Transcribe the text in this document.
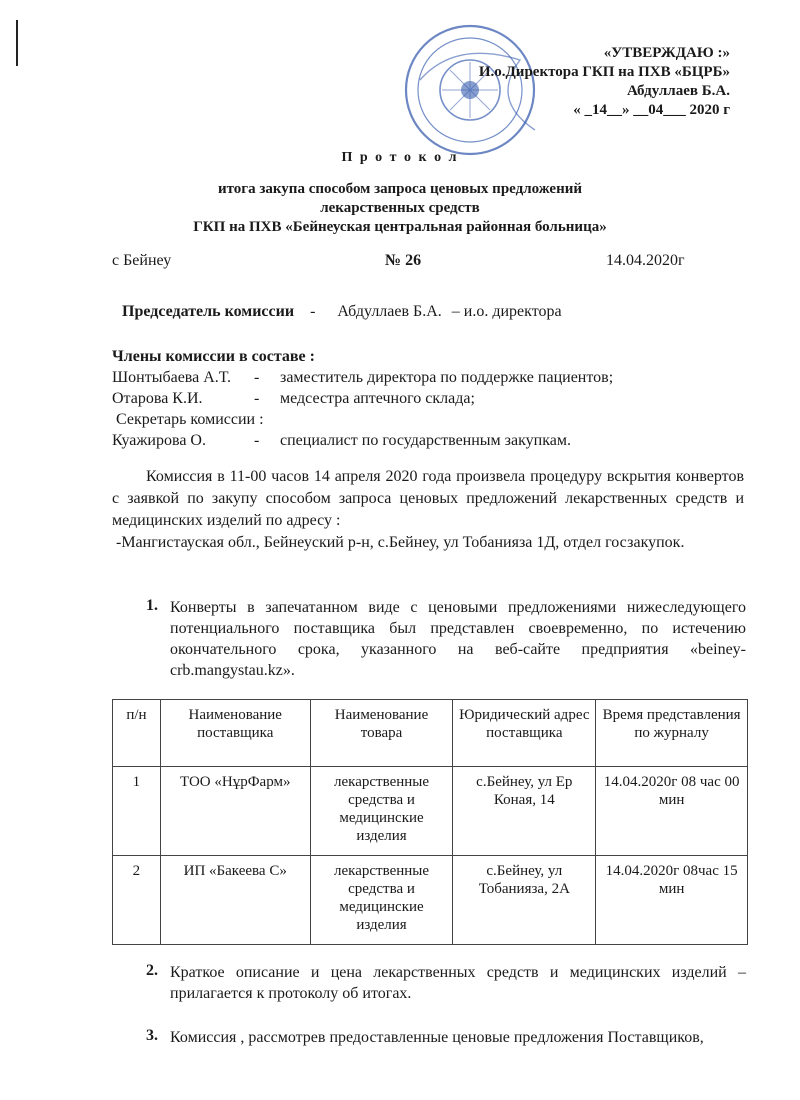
«УТВЕРЖДАЮ :»
И.о.Директора ГКП на ПХВ «БЦРБ»
Абдуллаев Б.А.
« _14__» __04___ 2020 г
П р о т о к о л
итога закупа способом запроса ценовых предложений
лекарственных средств
ГКП на ПХВ «Бейнеуская центральная районная больница»
с Бейнеу	№ 26	14.04.2020г
Председатель комиссии - Абдуллаев Б.А. – и.о. директора
Члены комиссии в составе :
Шонтыбаева А.Т. - заместитель директора по поддержке пациентов;
Отарова К.И.	- медсестра аптечного склада;
Секретарь комиссии :
Куажирова О.	- специалист по государственным закупкам.
Комиссия в 11-00 часов 14 апреля 2020 года произвела процедуру вскрытия конвертов с заявкой по закупу способом запроса ценовых предложений лекарственных средств и медицинских изделий по адресу :
-Мангистауская обл., Бейнеуский р-н, с.Бейнеу, ул Тобанияза 1Д, отдел госзакупок.
1. Конверты в запечатанном виде с ценовыми предложениями нижеследующего потенциального поставщика был представлен своевременно, по истечению окончательного срока, указанного на веб-сайте предприятия «beiney-crb.mangystau.kz».
п/н	Наименование поставщика	Наименование товара	Юридический адрес поставщика	Время представления по журналу
1	ТОО «НұрФарм»	лекарственные средства и медицинские изделия	с.Бейнеу, ул Ер Коная, 14	14.04.2020г 08 час 00 мин
2	ИП «Бакеева С»	лекарственные средства и медицинские изделия	с.Бейнеу, ул Тобанияза, 2А	14.04.2020г 08час 15 мин
2. Краткое описание и цена лекарственных средств и медицинских изделий – прилагается к протоколу об итогах.
3. Комиссия , рассмотрев предоставленные ценовые предложения Поставщиков,
